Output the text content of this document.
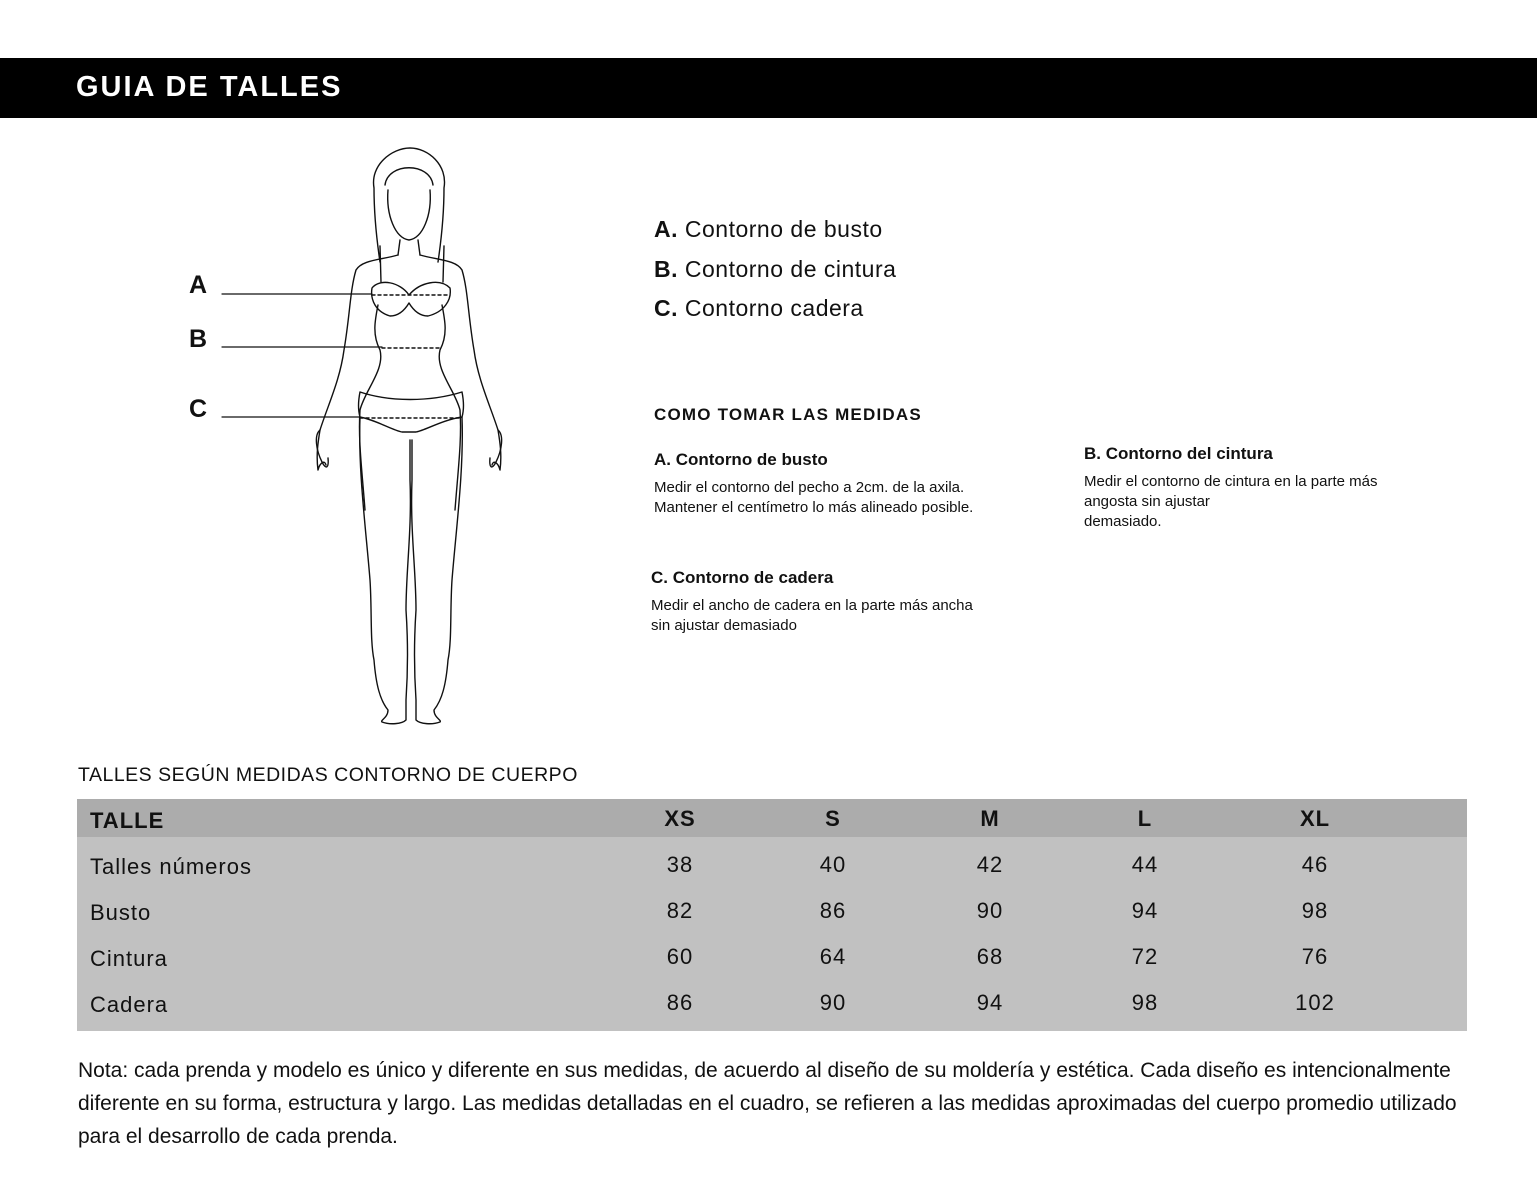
GUIA DE TALLES
A
B
C
A. Contorno de busto
B. Contorno de cintura
C. Contorno cadera
COMO TOMAR LAS MEDIDAS
A. Contorno de busto
Medir el contorno del pecho a 2cm. de la axila.
Mantener el centímetro lo más alineado posible.
B. Contorno del cintura
Medir el contorno de cintura en la parte más
angosta sin ajustar
demasiado.
C. Contorno de cadera
Medir el ancho de cadera en la parte más ancha
sin ajustar demasiado
TALLES SEGÚN MEDIDAS CONTORNO DE CUERPO
TALLE	XS	S	M	L	XL
Talles números	38	40	42	44	46
Busto	82	86	90	94	98
Cintura	60	64	68	72	76
Cadera	86	90	94	98	102

Nota: cada prenda y modelo es único y diferente en sus medidas, de acuerdo al diseño de su moldería y estética. Cada diseño es intencionalmente diferente en su forma, estructura y largo. Las medidas detalladas en el cuadro, se refieren a las medidas aproximadas del cuerpo promedio utilizado para el desarrollo de cada prenda.
